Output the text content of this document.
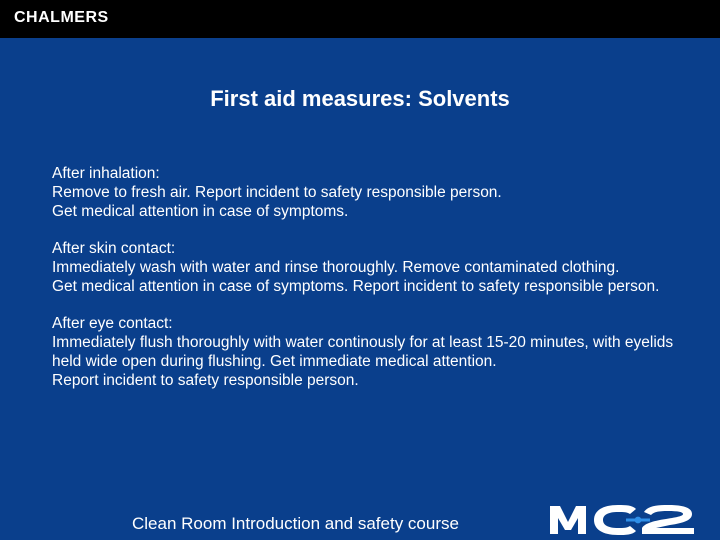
CHALMERS
First aid measures: Solvents

After inhalation:

Remove to fresh air. Report incident to safety responsible person.

Get medical attention in case of symptoms.

After skin contact:

Immediately wash with water and rinse thoroughly. Remove contaminated clothing.

Get medical attention in case of symptoms. Report incident to safety responsible person.

After eye contact:

Immediately flush thoroughly with water continously for at least 15-20 minutes, with eyelids held wide open during flushing. Get immediate medical attention.

Report incident to safety responsible person.

Clean Room Introduction and safety course
